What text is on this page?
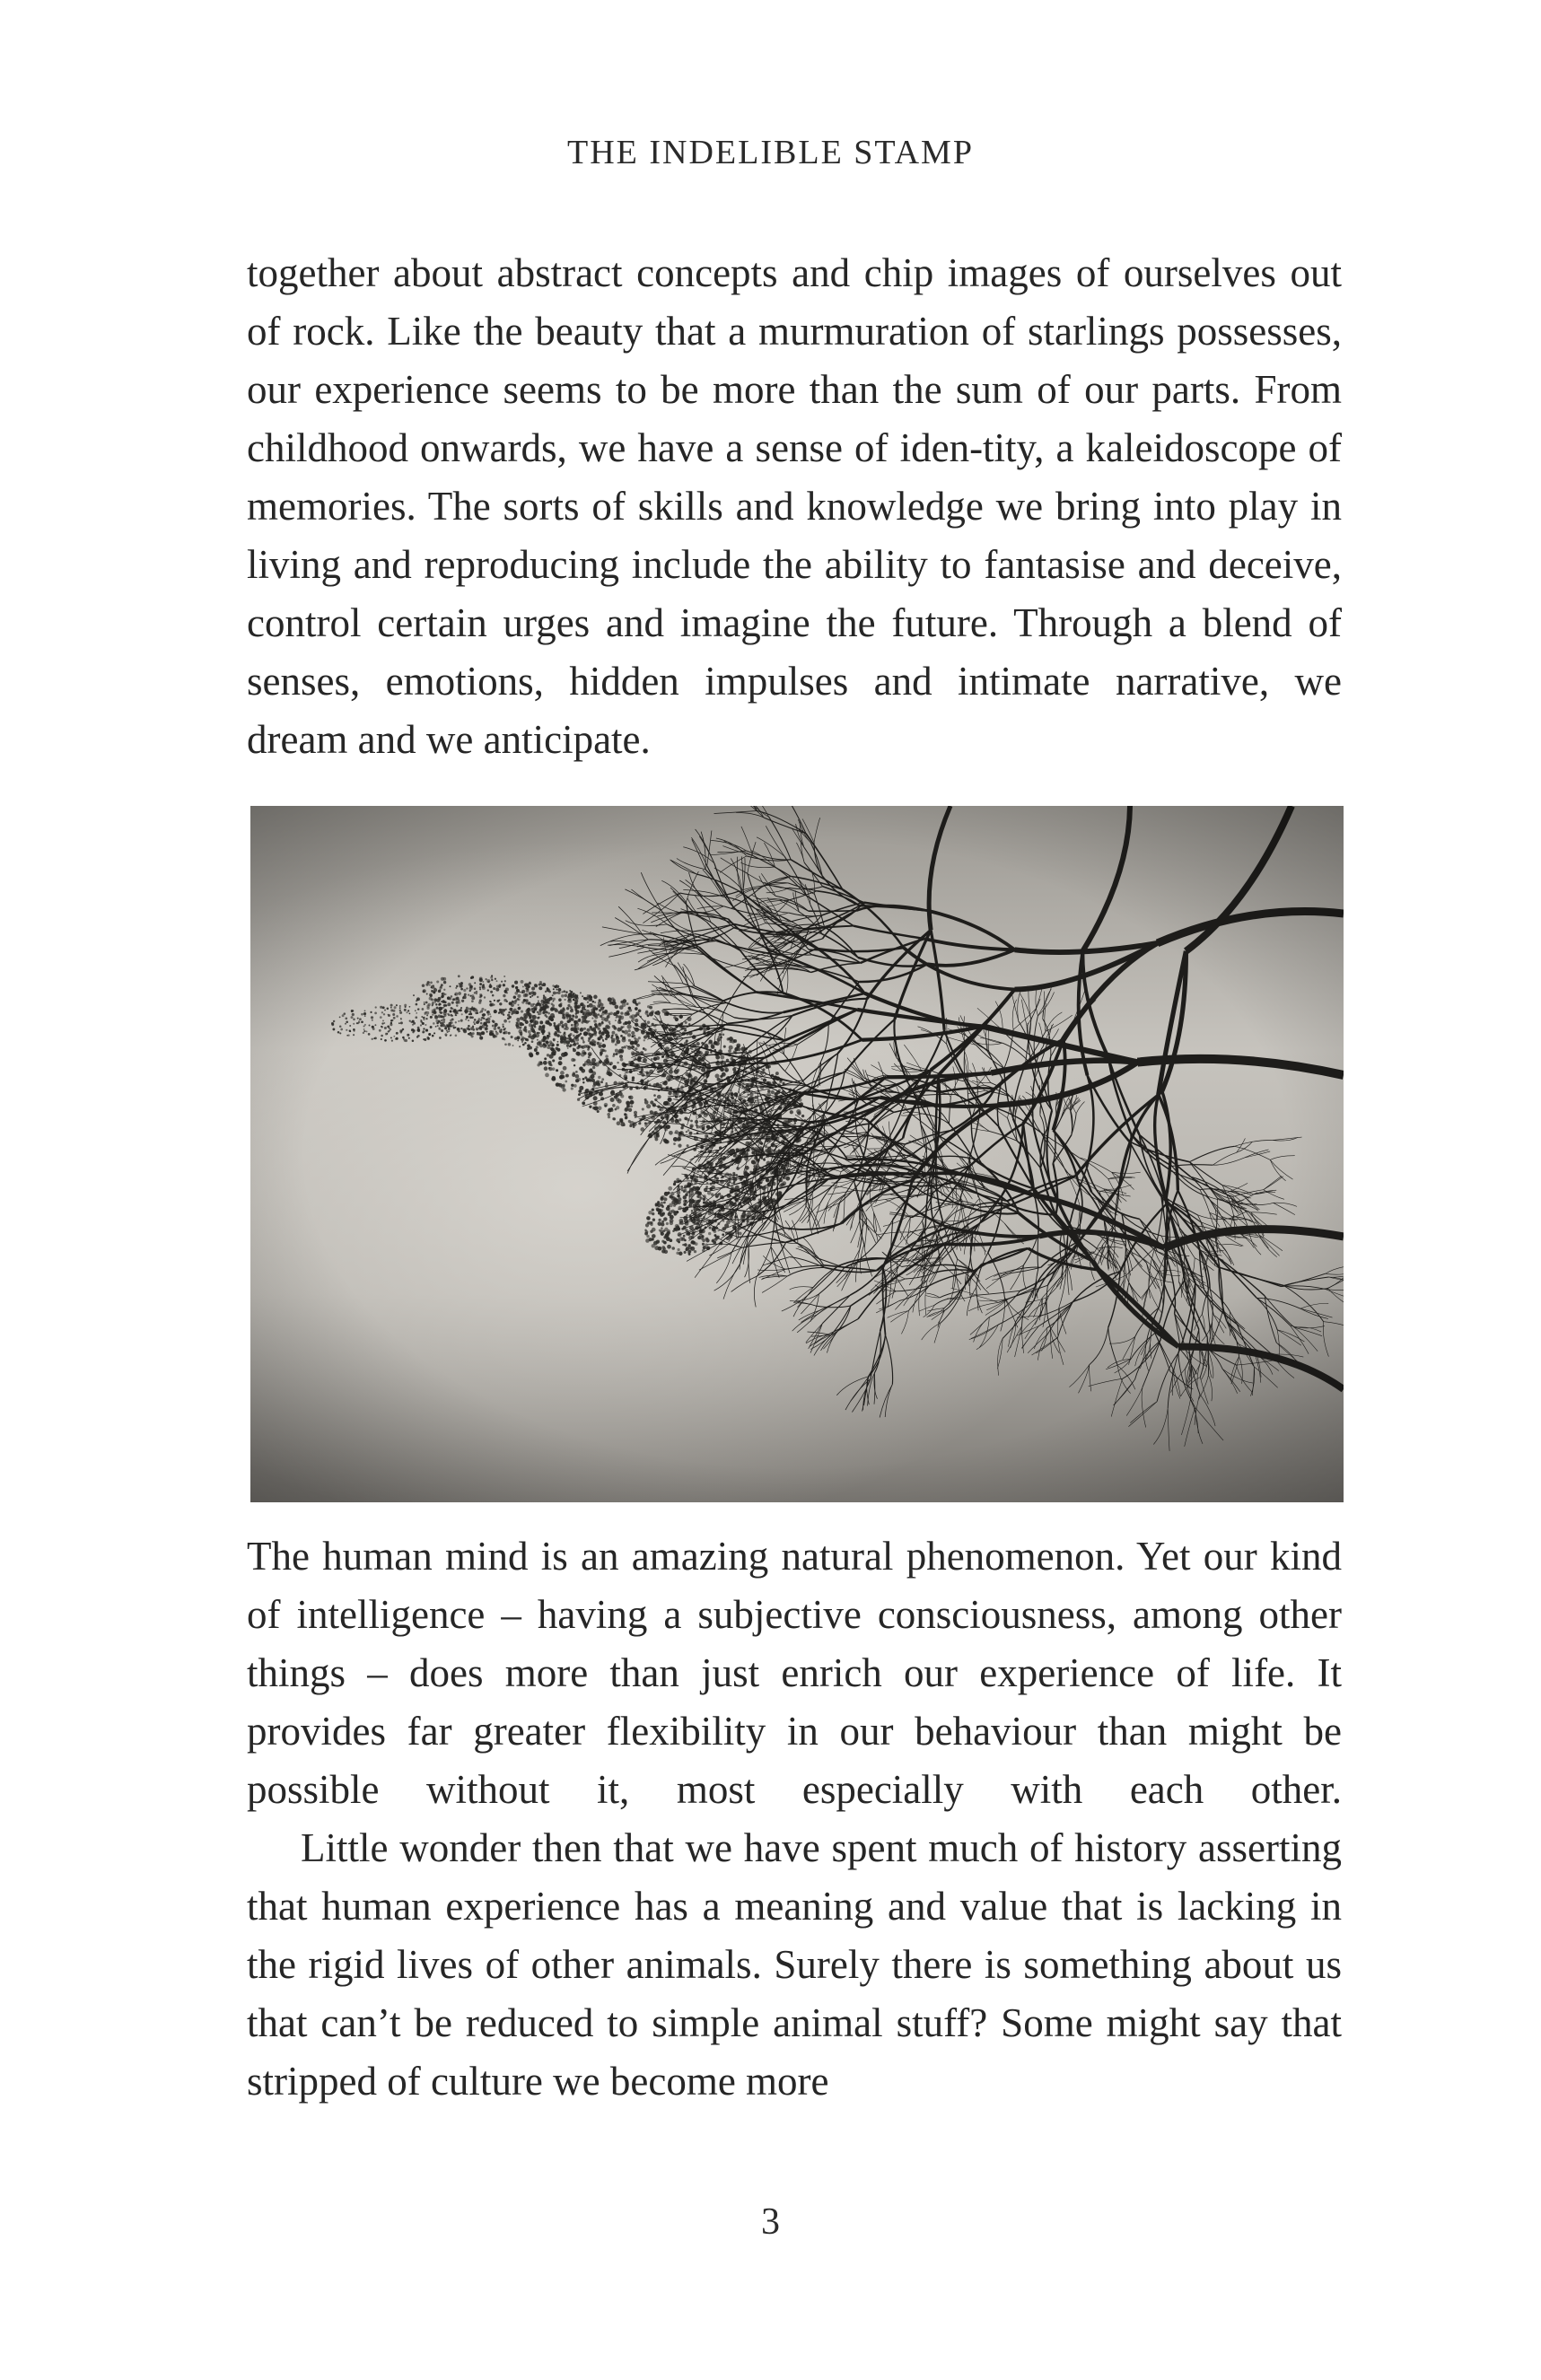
THE INDELIBLE STAMP

together about abstract concepts and chip images of ourselves out of rock. Like the beauty that a murmuration of starlings possesses, our experience seems to be more than the sum of our parts. From childhood onwards, we have a sense of iden-tity, a kaleidoscope of memories. The sorts of skills and knowledge we bring into play in living and reproducing include the ability to fantasise and deceive, control certain urges and imagine the future. Through a blend of senses, emotions, hidden impulses and intimate narrative, we dream and we anticipate.

The human mind is an amazing natural phenomenon. Yet our kind of intelligence – having a subjective consciousness, among other things – does more than just enrich our experience of life. It provides far greater flexibility in our behaviour than might be possible without it, most especially with each other.

Little wonder then that we have spent much of history asserting that human experience has a meaning and value that is lacking in the rigid lives of other animals. Surely there is something about us that can’t be reduced to simple animal stuff? Some might say that stripped of culture we become more

3
